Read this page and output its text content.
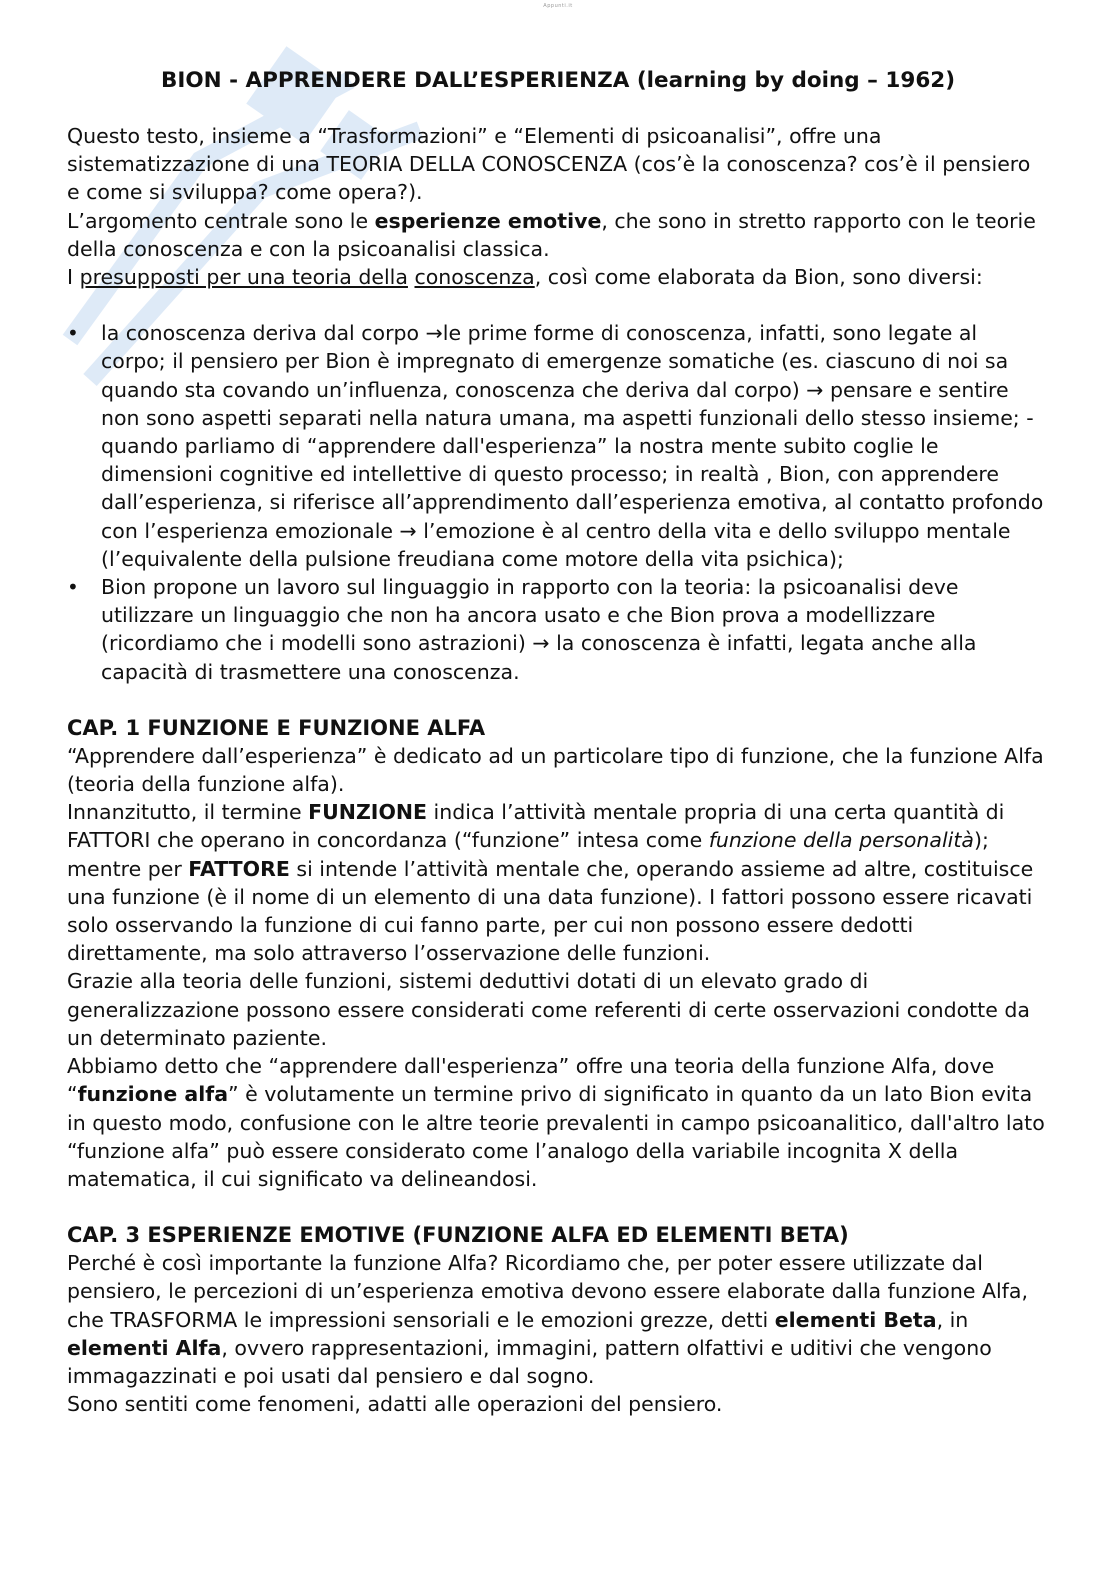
Appunti.it
BION - APPRENDERE DALL’ESPERIENZA (learning by doing – 1962)

Questo testo, insieme a “Trasformazioni” e “Elementi di psicoanalisi”, offre una sistematizzazione di una TEORIA DELLA CONOSCENZA (cos’è la conoscenza? cos’è il pensiero e come si sviluppa? come opera?).

L’argomento centrale sono le esperienze emotive, che sono in stretto rapporto con le teorie della conoscenza e con la psicoanalisi classica.

I presupposti per una teoria della conoscenza, così come elaborata da Bion, sono diversi:

• la conoscenza deriva dal corpo →le prime forme di conoscenza, infatti, sono legate al corpo; il pensiero per Bion è impregnato di emergenze somatiche (es. ciascuno di noi sa quando sta covando un’influenza, conoscenza che deriva dal corpo) → pensare e sentire non sono aspetti separati nella natura umana, ma aspetti funzionali dello stesso insieme; - quando parliamo di “apprendere dall'esperienza” la nostra mente subito coglie le dimensioni cognitive ed intellettive di questo processo; in realtà , Bion, con apprendere dall’esperienza, si riferisce all’apprendimento dall’esperienza emotiva, al contatto profondo con l’esperienza emozionale → l’emozione è al centro della vita e dello sviluppo mentale (l’equivalente della pulsione freudiana come motore della vita psichica);
• Bion propone un lavoro sul linguaggio in rapporto con la teoria: la psicoanalisi deve utilizzare un linguaggio che non ha ancora usato e che Bion prova a modellizzare (ricordiamo che i modelli sono astrazioni) → la conoscenza è infatti, legata anche alla capacità di trasmettere una conoscenza.
CAP. 1 FUNZIONE E FUNZIONE ALFA

“Apprendere dall’esperienza” è dedicato ad un particolare tipo di funzione, che la funzione Alfa (teoria della funzione alfa).

Innanzitutto, il termine FUNZIONE indica l’attività mentale propria di una certa quantità di FATTORI che operano in concordanza (“funzione” intesa come funzione della personalità); mentre per FATTORE si intende l’attività mentale che, operando assieme ad altre, costituisce una funzione (è il nome di un elemento di una data funzione). I fattori possono essere ricavati solo osservando la funzione di cui fanno parte, per cui non possono essere dedotti direttamente, ma solo attraverso l’osservazione delle funzioni.

Grazie alla teoria delle funzioni, sistemi deduttivi dotati di un elevato grado di generalizzazione possono essere considerati come referenti di certe osservazioni condotte da un determinato paziente.

Abbiamo detto che “apprendere dall'esperienza” offre una teoria della funzione Alfa, dove “funzione alfa” è volutamente un termine privo di significato in quanto da un lato Bion evita in questo modo, confusione con le altre teorie prevalenti in campo psicoanalitico, dall'altro lato “funzione alfa” può essere considerato come l’analogo della variabile incognita X della matematica, il cui significato va delineandosi.

CAP. 3 ESPERIENZE EMOTIVE (FUNZIONE ALFA ED ELEMENTI BETA)

Perché è così importante la funzione Alfa? Ricordiamo che, per poter essere utilizzate dal pensiero, le percezioni di un’esperienza emotiva devono essere elaborate dalla funzione Alfa, che TRASFORMA le impressioni sensoriali e le emozioni grezze, detti elementi Beta, in elementi Alfa, ovvero rappresentazioni, immagini, pattern olfattivi e uditivi che vengono immagazzinati e poi usati dal pensiero e dal sogno.

Sono sentiti come fenomeni, adatti alle operazioni del pensiero.
